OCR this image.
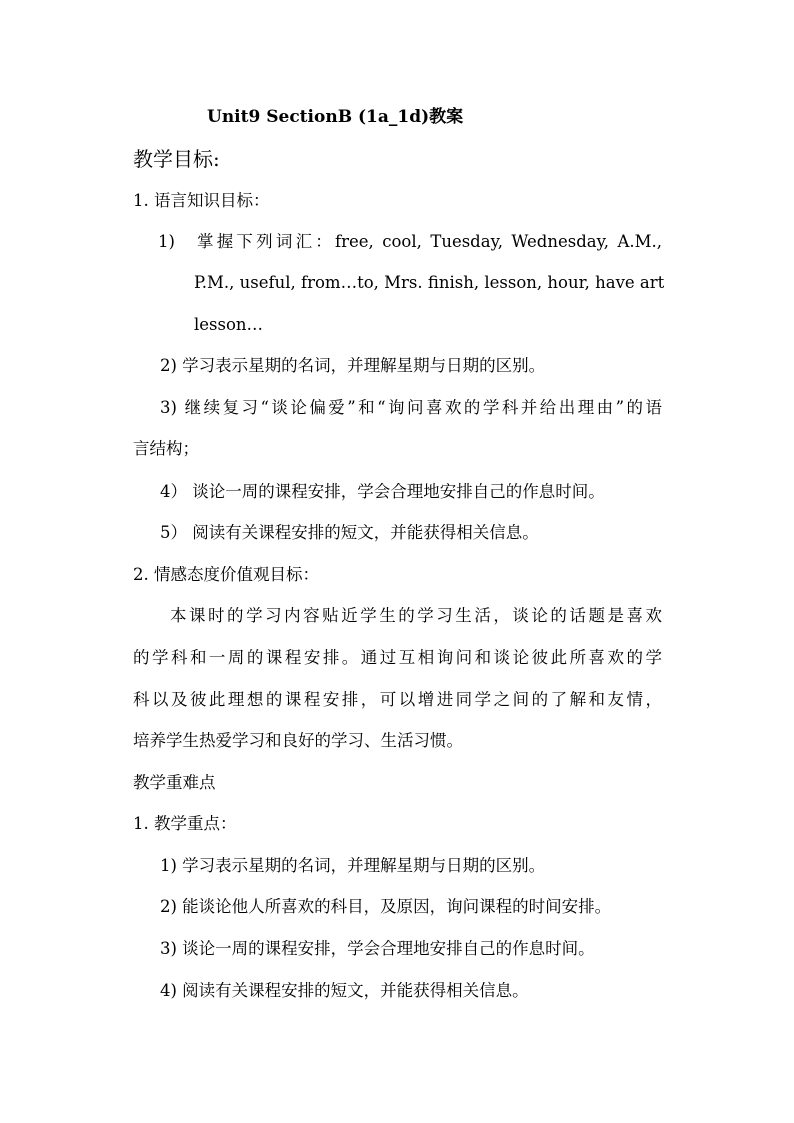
Unit9 SectionB (1a_1d)教案
教学目标:
1. 语言知识目标：
1) 掌握下列词汇：free, cool, Tuesday, Wednesday, A.M.,
P.M., useful, from…to, Mrs. finish, lesson, hour, have art
lesson…
2) 学习表示星期的名词，并理解星期与日期的区别。
3) 继续复习“谈论偏爱”和“询问喜欢的学科并给出理由”的语
言结构；
4） 谈论一周的课程安排，学会合理地安排自己的作息时间。
5） 阅读有关课程安排的短文，并能获得相关信息。
2. 情感态度价值观目标：
本课时的学习内容贴近学生的学习生活，谈论的话题是喜欢
的学科和一周的课程安排。通过互相询问和谈论彼此所喜欢的学
科以及彼此理想的课程安排，可以增进同学之间的了解和友情，
培养学生热爱学习和良好的学习、生活习惯。
教学重难点
1. 教学重点：
1) 学习表示星期的名词，并理解星期与日期的区别。
2) 能谈论他人所喜欢的科目，及原因，询问课程的时间安排。
3) 谈论一周的课程安排，学会合理地安排自己的作息时间。
4) 阅读有关课程安排的短文，并能获得相关信息。
